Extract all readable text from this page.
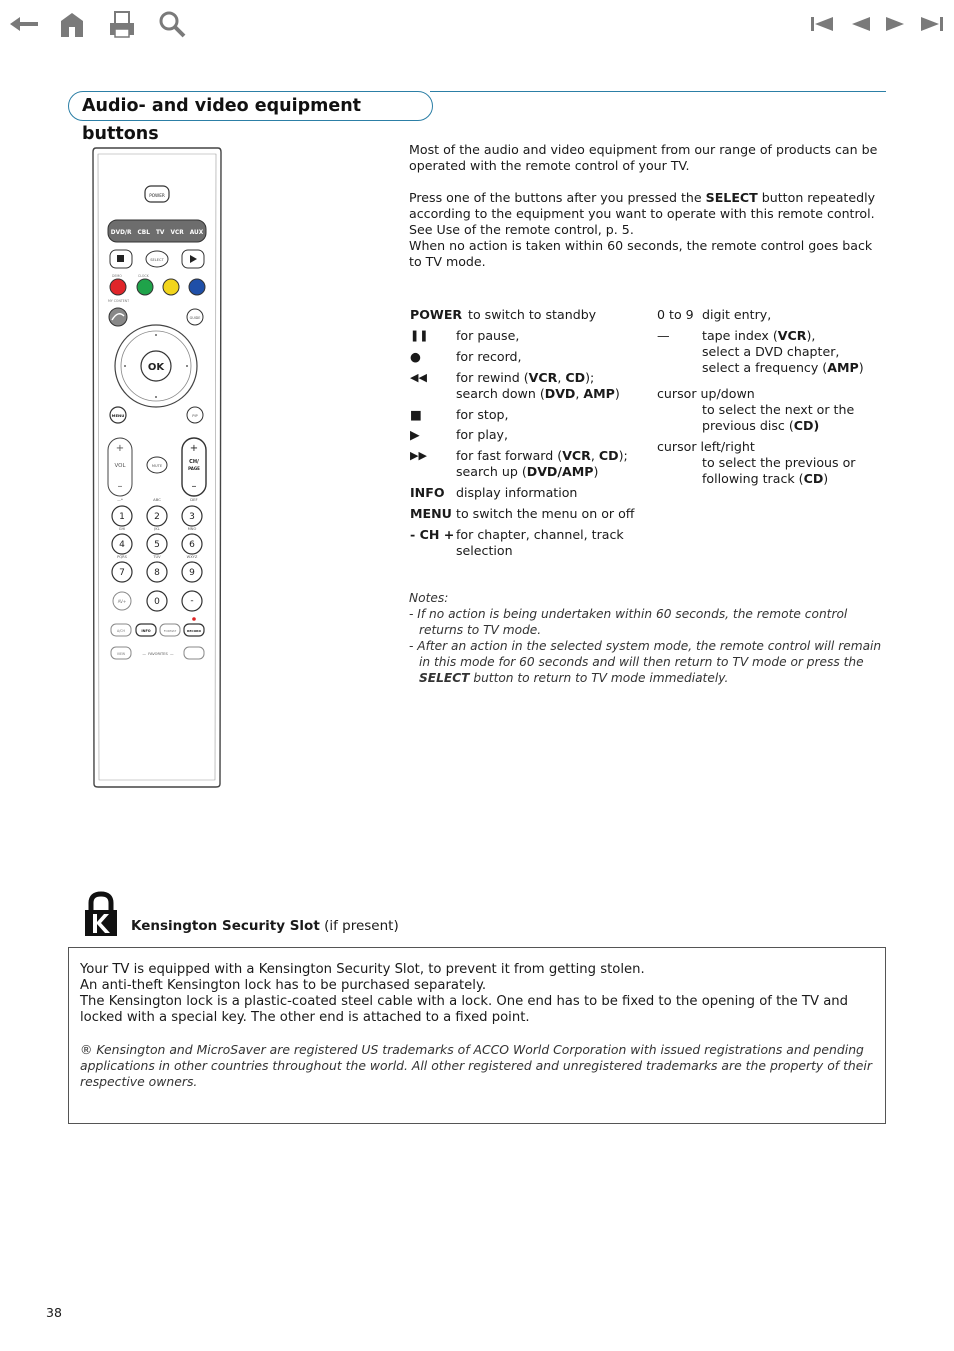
Audio- and video equipment buttons
Most of the audio and video equipment from our range of products can be operated with the remote control of your TV.
Press one of the buttons after you pressed the SELECT button repeatedly according to the equipment you want to operate with this remote control. See Use of the remote control, p. 5.
When no action is taken within 60 seconds, the remote control goes back to TV mode.
POWER to switch to standby
❚❚ for pause,
●	for record,
◀◀ for rewind (VCR, CD);
search down (DVD, AMP)
■	for stop,
▶	for play,
▶▶ for fast forward (VCR, CD);
search up (DVD/AMP)
INFO display information
MENU to switch the menu on or off
- CH + for chapter, channel, track selection
0 to 9 digit entry,
—	tape index (VCR),
select a DVD chapter,
select a frequency (AMP)
cursor up/down
to select the next or the
previous disc (CD)
cursor left/right
to select the previous or
following track (CD)
Notes:
- If no action is being undertaken within 60 seconds, the remote control returns to TV mode.
- After an action in the selected system mode, the remote control will remain in this mode for 60 seconds and will then return to TV mode or press the SELECT button to return to TV mode immediately.
POWER
DVD/R   CBL   TV   VCR   AUX
SELECT
DEMO	CLOCK
MY CONTENT
GUIDE
OK
MENU	PIP
+
VOL
–
MUTE
+
CH/
PAGE
–
—*	ABC	DEF
1	2	3
4	5	6
7	8	9
0	-
GHI	JKL	MNO
PQRS	TUV	WXYZ
AV+
A/CH	INFO	FORMAT	RECORD
VIEW	—  FAVORITES  —
Kensington Security Slot (if present)
Your TV is equipped with a Kensington Security Slot, to prevent it from getting stolen.
An anti-theft Kensington lock has to be purchased separately.
The Kensington lock is a plastic-coated steel cable with a lock. One end has to be fixed to the opening of the TV and locked with a special key. The other end is attached to a fixed point.
® Kensington and MicroSaver are registered US trademarks of ACCO World Corporation with issued registrations and pending applications in other countries throughout the world. All other registered and unregistered trademarks are the property of their respective owners.
38
